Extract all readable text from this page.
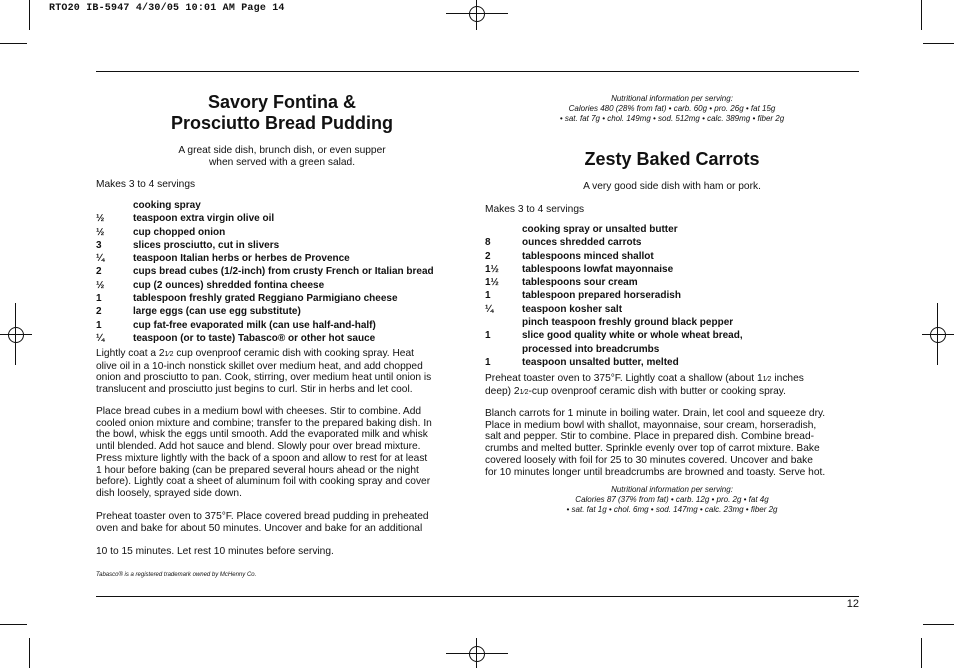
RTO20 IB-5947 4/30/05 10:01 AM Page 14
Savory Fontina &
Prosciutto Bread Pudding
A great side dish, brunch dish, or even supper
when served with a green salad.
Makes 3 to 4 servings
cooking spray
½	teaspoon extra virgin olive oil
½	cup chopped onion
3	slices prosciutto, cut in slivers
¼	teaspoon Italian herbs or herbes de Provence
2	cups bread cubes (1/2-inch) from crusty French or Italian bread
½	cup (2 ounces) shredded fontina cheese
1	tablespoon freshly grated Reggiano Parmigiano cheese
2	large eggs (can use egg substitute)
1	cup fat-free evaporated milk (can use half-and-half)
¼	teaspoon (or to taste) Tabasco® or other hot sauce
Lightly coat a 21⁄2 cup ovenproof ceramic dish with cooking spray. Heat
olive oil in a 10-inch nonstick skillet over medium heat, and add chopped
onion and prosciutto to pan. Cook, stirring, over medium heat until onion is
translucent and prosciutto just begins to curl. Stir in herbs and let cool.
Place bread cubes in a medium bowl with cheeses. Stir to combine. Add
cooled onion mixture and combine; transfer to the prepared baking dish. In
the bowl, whisk the eggs until smooth. Add the evaporated milk and whisk
until blended. Add hot sauce and blend. Slowly pour over bread mixture.
Press mixture lightly with the back of a spoon and allow to rest for at least
1 hour before baking (can be prepared several hours ahead or the night
before). Lightly coat a sheet of aluminum foil with cooking spray and cover
dish loosely, sprayed side down.
Preheat toaster oven to 375°F. Place covered bread pudding in preheated
oven and bake for about 50 minutes. Uncover and bake for an additional
10 to 15 minutes. Let rest 10 minutes before serving.
Tabasco® is a registered trademark owned by McHenny Co.
Nutritional information per serving:
Calories 480 (28% from fat) • carb. 60g • pro. 26g • fat 15g
• sat. fat 7g • chol. 149mg • sod. 512mg • calc. 389mg • fiber 2g
Zesty Baked Carrots
A very good side dish with ham or pork.
Makes 3 to 4 servings
cooking spray or unsalted butter
8	ounces shredded carrots
2	tablespoons minced shallot
1½	tablespoons lowfat mayonnaise
1½	tablespoons sour cream
1	tablespoon prepared horseradish
¼	teaspoon kosher salt
pinch teaspoon freshly ground black pepper
1	slice good quality white or whole wheat bread,
processed into breadcrumbs
1	teaspoon unsalted butter, melted
Preheat toaster oven to 375°F. Lightly coat a shallow (about 11⁄2 inches
deep) 21⁄2-cup ovenproof ceramic dish with butter or cooking spray.
Blanch carrots for 1 minute in boiling water. Drain, let cool and squeeze dry.
Place in medium bowl with shallot, mayonnaise, sour cream, horseradish,
salt and pepper. Stir to combine. Place in prepared dish. Combine bread-
crumbs and melted butter. Sprinkle evenly over top of carrot mixture. Bake
covered loosely with foil for 25 to 30 minutes covered. Uncover and bake
for 10 minutes longer until breadcrumbs are browned and toasty. Serve hot.
Nutritional information per serving:
Calories 87 (37% from fat) • carb. 12g • pro. 2g • fat 4g
• sat. fat 1g • chol. 6mg • sod. 147mg • calc. 23mg • fiber 2g
12
